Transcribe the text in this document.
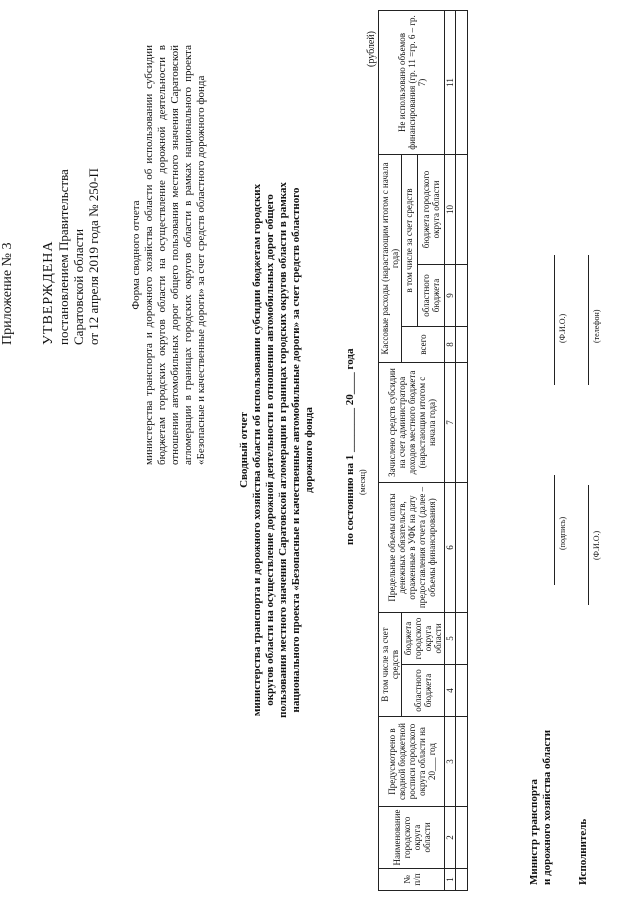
Приложение № 3 УТВЕРЖДЕНА постановлением Правительства Саратовской области от 12 апреля 2019 года № 250-П	Форма сводного отчета министерства транспорта и дорожного хозяйства области об использовании субсидии бюджетам городских округов области на осуществление дорожной деятельности в отношении автомобильных дорог общего пользования местного значения Саратовской агломерации в границах городских округов области в рамках национального проекта «Безопасные и качественные дороги» за счет средств областного дорожного фонда	Сводный отчет министерства транспорта и дорожного хозяйства области об использовании субсидии бюджетам городских округов области на осуществление дорожной деятельности в отношении автомобильных дорог общего пользования местного значения Саратовской агломерации в границах городских округов области в рамках национального проекта «Безопасные и качественные автомобильные дороги» за счет средств областного дорожного фонда	по состоянию на 1 ________ 20____ года (месяц)
(рублей)
№ п/п	Наименование городского округа области	Предусмотрено в сводной бюджетной росписи городского округа области на 20___ год	В том числе за счет средств		Предельные объемы оплаты денежных обязательств, отраженные в УФК на дату предоставления отчета (далее – объемы финансирования)	Зачислено средств субсидии на счет администратора доходов местного бюджета (нарастающим итогом с начала года)	Кассовые расходы (нарастающим итогом с начала года)			Не использовано объемов финансирования (гр. 11 =гр. 6 – гр. 7)
			областного бюджета	бюджета городского округа области			всего	в том числе за счет средств		
								областного бюджета	бюджета городского округа области	
1	2	3	4	5	6	7	8	9	10	11

Министр транспорта и дорожного хозяйства области
(подпись)
(Ф.И.О.)
Исполнитель
(Ф.И.О.)
(телефон)
